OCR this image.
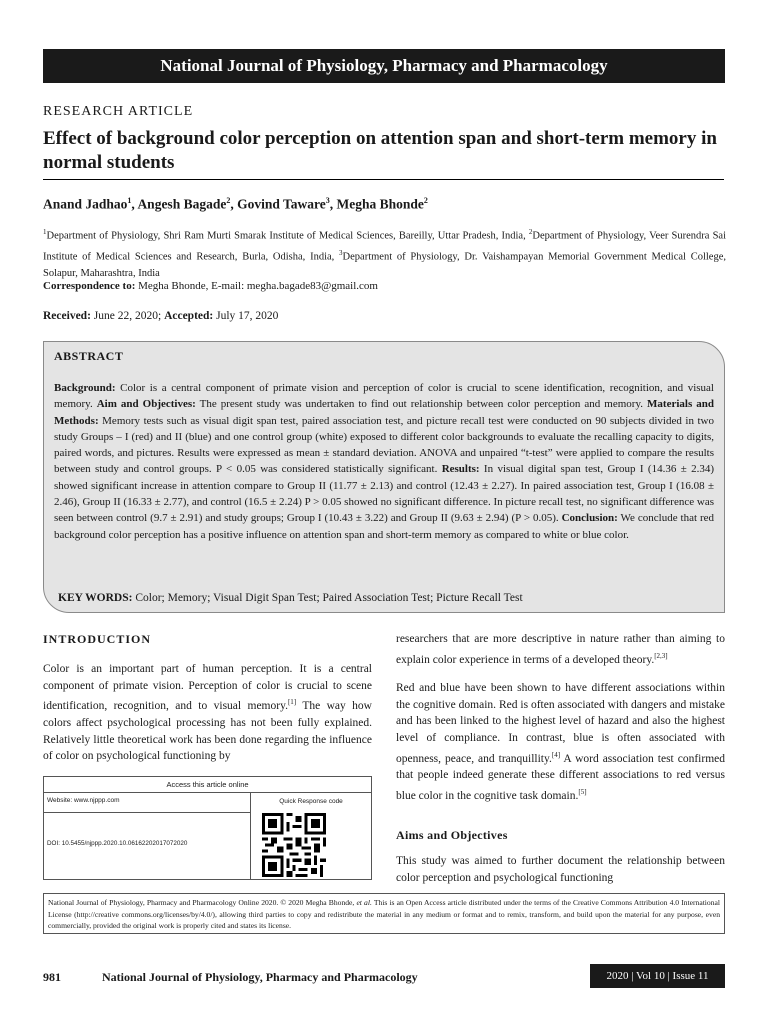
National Journal of Physiology, Pharmacy and Pharmacology
RESEARCH ARTICLE
Effect of background color perception on attention span and short-term memory in normal students
Anand Jadhao$^1$, Angesh Bagade$^2$, Govind Taware$^3$, Megha Bhonde$^2$
$^1$Department of Physiology, Shri Ram Murti Smarak Institute of Medical Sciences, Bareilly, Uttar Pradesh, India, $^2$Department of Physiology, Veer Surendra Sai Institute of Medical Sciences and Research, Burla, Odisha, India, $^3$Department of Physiology, Dr. Vaishampayan Memorial Government Medical College, Solapur, Maharashtra, India
Correspondence to: Megha Bhonde, E-mail: megha.bagade83@gmail.com
Received: June 22, 2020; Accepted: July 17, 2020
ABSTRACT
Background: Color is a central component of primate vision and perception of color is crucial to scene identification, recognition, and visual memory. Aim and Objectives: The present study was undertaken to find out relationship between color perception and memory. Materials and Methods: Memory tests such as visual digit span test, paired association test, and picture recall test were conducted on 90 subjects divided in two study Groups – I (red) and II (blue) and one control group (white) exposed to different color backgrounds to evaluate the recalling capacity to digits, paired words, and pictures. Results were expressed as mean ± standard deviation. ANOVA and unpaired “t-test” were applied to compare the results between study and control groups. P < 0.05 was considered statistically significant. Results: In visual digital span test, Group I (14.36 ± 2.34) showed significant increase in attention compare to Group II (11.77 ± 2.13) and control (12.43 ± 2.27). In paired association test, Group I (16.08 ± 2.46), Group II (16.33 ± 2.77), and control (16.5 ± 2.24) P > 0.05 showed no significant difference. In picture recall test, no significant difference was seen between control (9.7 ± 2.91) and study groups; Group I (10.43 ± 3.22) and Group II (9.63 ± 2.94) (P > 0.05). Conclusion: We conclude that red background color perception has a positive influence on attention span and short-term memory as compared to white or blue color.
KEY WORDS: Color; Memory; Visual Digit Span Test; Paired Association Test; Picture Recall Test
INTRODUCTION
Color is an important part of human perception. It is a central component of primate vision. Perception of color is crucial to scene identification, recognition, and to visual memory.[1] The way how colors affect psychological processing has not been fully explained. Relatively little theoretical work has been done regarding the influence of color on psychological functioning by
Access this article online
Website: www.njppp.com
DOI: 10.5455/njppp.2020.10.06162202017072020
Quick Response code
researchers that are more descriptive in nature rather than aiming to explain color experience in terms of a developed theory.[2,3]
Red and blue have been shown to have different associations within the cognitive domain. Red is often associated with dangers and mistake and has been linked to the highest level of hazard and also the highest level of compliance. In contrast, blue is often associated with openness, peace, and tranquillity.[4] A word association test confirmed that people indeed generate these different associations to red versus blue color in the cognitive task domain.[5]
Aims and Objectives
This study was aimed to further document the relationship between color perception and psychological functioning
National Journal of Physiology, Pharmacy and Pharmacology Online 2020. © 2020 Megha Bhonde, et al. This is an Open Access article distributed under the terms of the Creative Commons Attribution 4.0 International License (http://creative commons.org/licenses/by/4.0/), allowing third parties to copy and redistribute the material in any medium or format and to remix, transform, and build upon the material for any purpose, even commercially, provided the original work is properly cited and states its license.
981	National Journal of Physiology, Pharmacy and Pharmacology	2020 | Vol 10 | Issue 11
